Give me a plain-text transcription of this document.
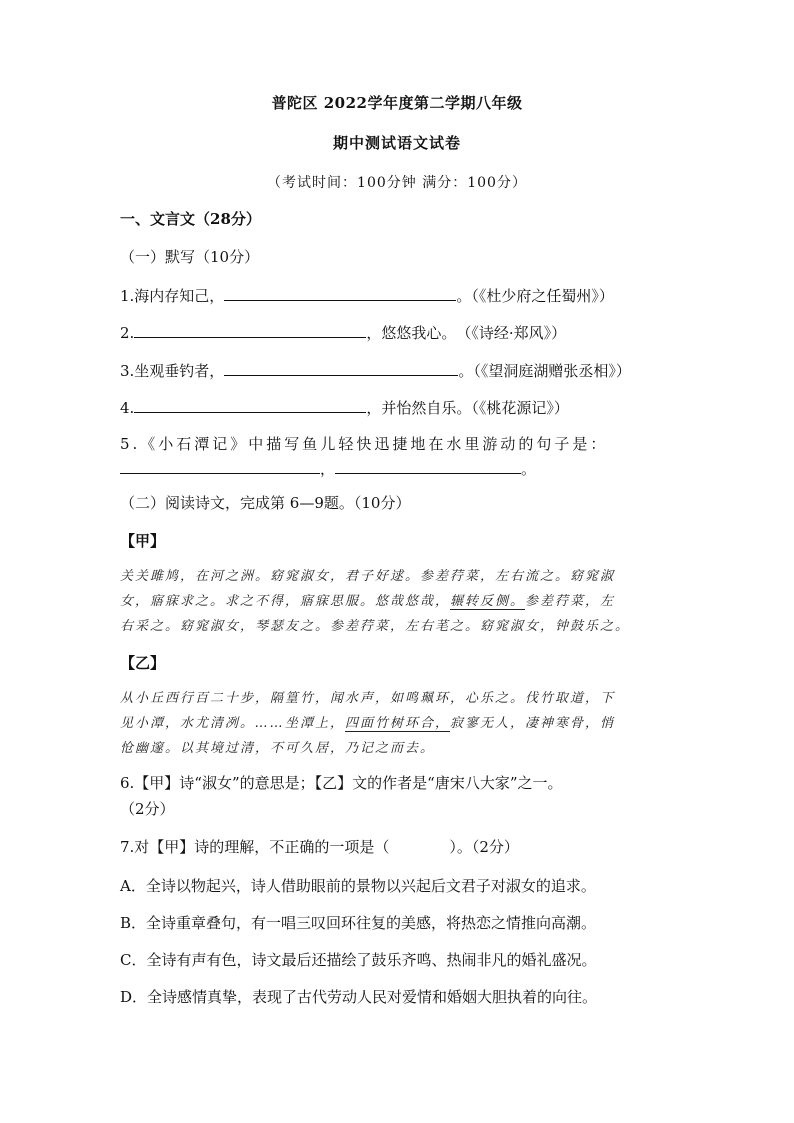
普陀区 2022学年度第二学期八年级
期中测试语文试卷
（考试时间：100分钟 满分：100分）
一、文言文（28分）
（一）默写（10分）
1.海内存知己，	。（《杜少府之任蜀州》）
2.	，悠悠我心。　（《诗经·郑风》）
3.坐观垂钓者，	。（《望洞庭湖赠张丞相》）
4.	，并怡然自乐。（《桃花源记》）
5.《小石潭记》中描写鱼儿轻快迅捷地在水里游动的句子是：
，	。
（二）阅读诗文，完成第 6—9题。（10分）
【甲】
关关雎鸠，在河之洲。窈窕淑女，君子好逑。参差荇菜，左右流之。窈窕淑
女，寤寐求之。求之不得，寤寐思服。悠哉悠哉，辗转反侧。参差荇菜，左
右采之。窈窕淑女，琴瑟友之。参差荇菜，左右芼之。窈窕淑女，钟鼓乐之。
【乙】
从小丘西行百二十步，隔篁竹，闻水声，如鸣珮环，心乐之。伐竹取道，下
见小潭，水尤清冽。……坐潭上，四面竹树环合，寂寥无人，凄神寒骨，悄
怆幽邃。以其境过清，不可久居，乃记之而去。
6.【甲】诗“淑女”的意思是；【乙】文的作者是“唐宋八大家”之一。
（2分）
7.对【甲】诗的理解，不正确的一项是（　　　　）。（2分）
A．全诗以物起兴，诗人借助眼前的景物以兴起后文君子对淑女的追求。
B．全诗重章叠句，有一唱三叹回环往复的美感，将热恋之情推向高潮。
C．全诗有声有色，诗文最后还描绘了鼓乐齐鸣、热闹非凡的婚礼盛况。
D．全诗感情真挚，表现了古代劳动人民对爱情和婚姻大胆执着的向往。
